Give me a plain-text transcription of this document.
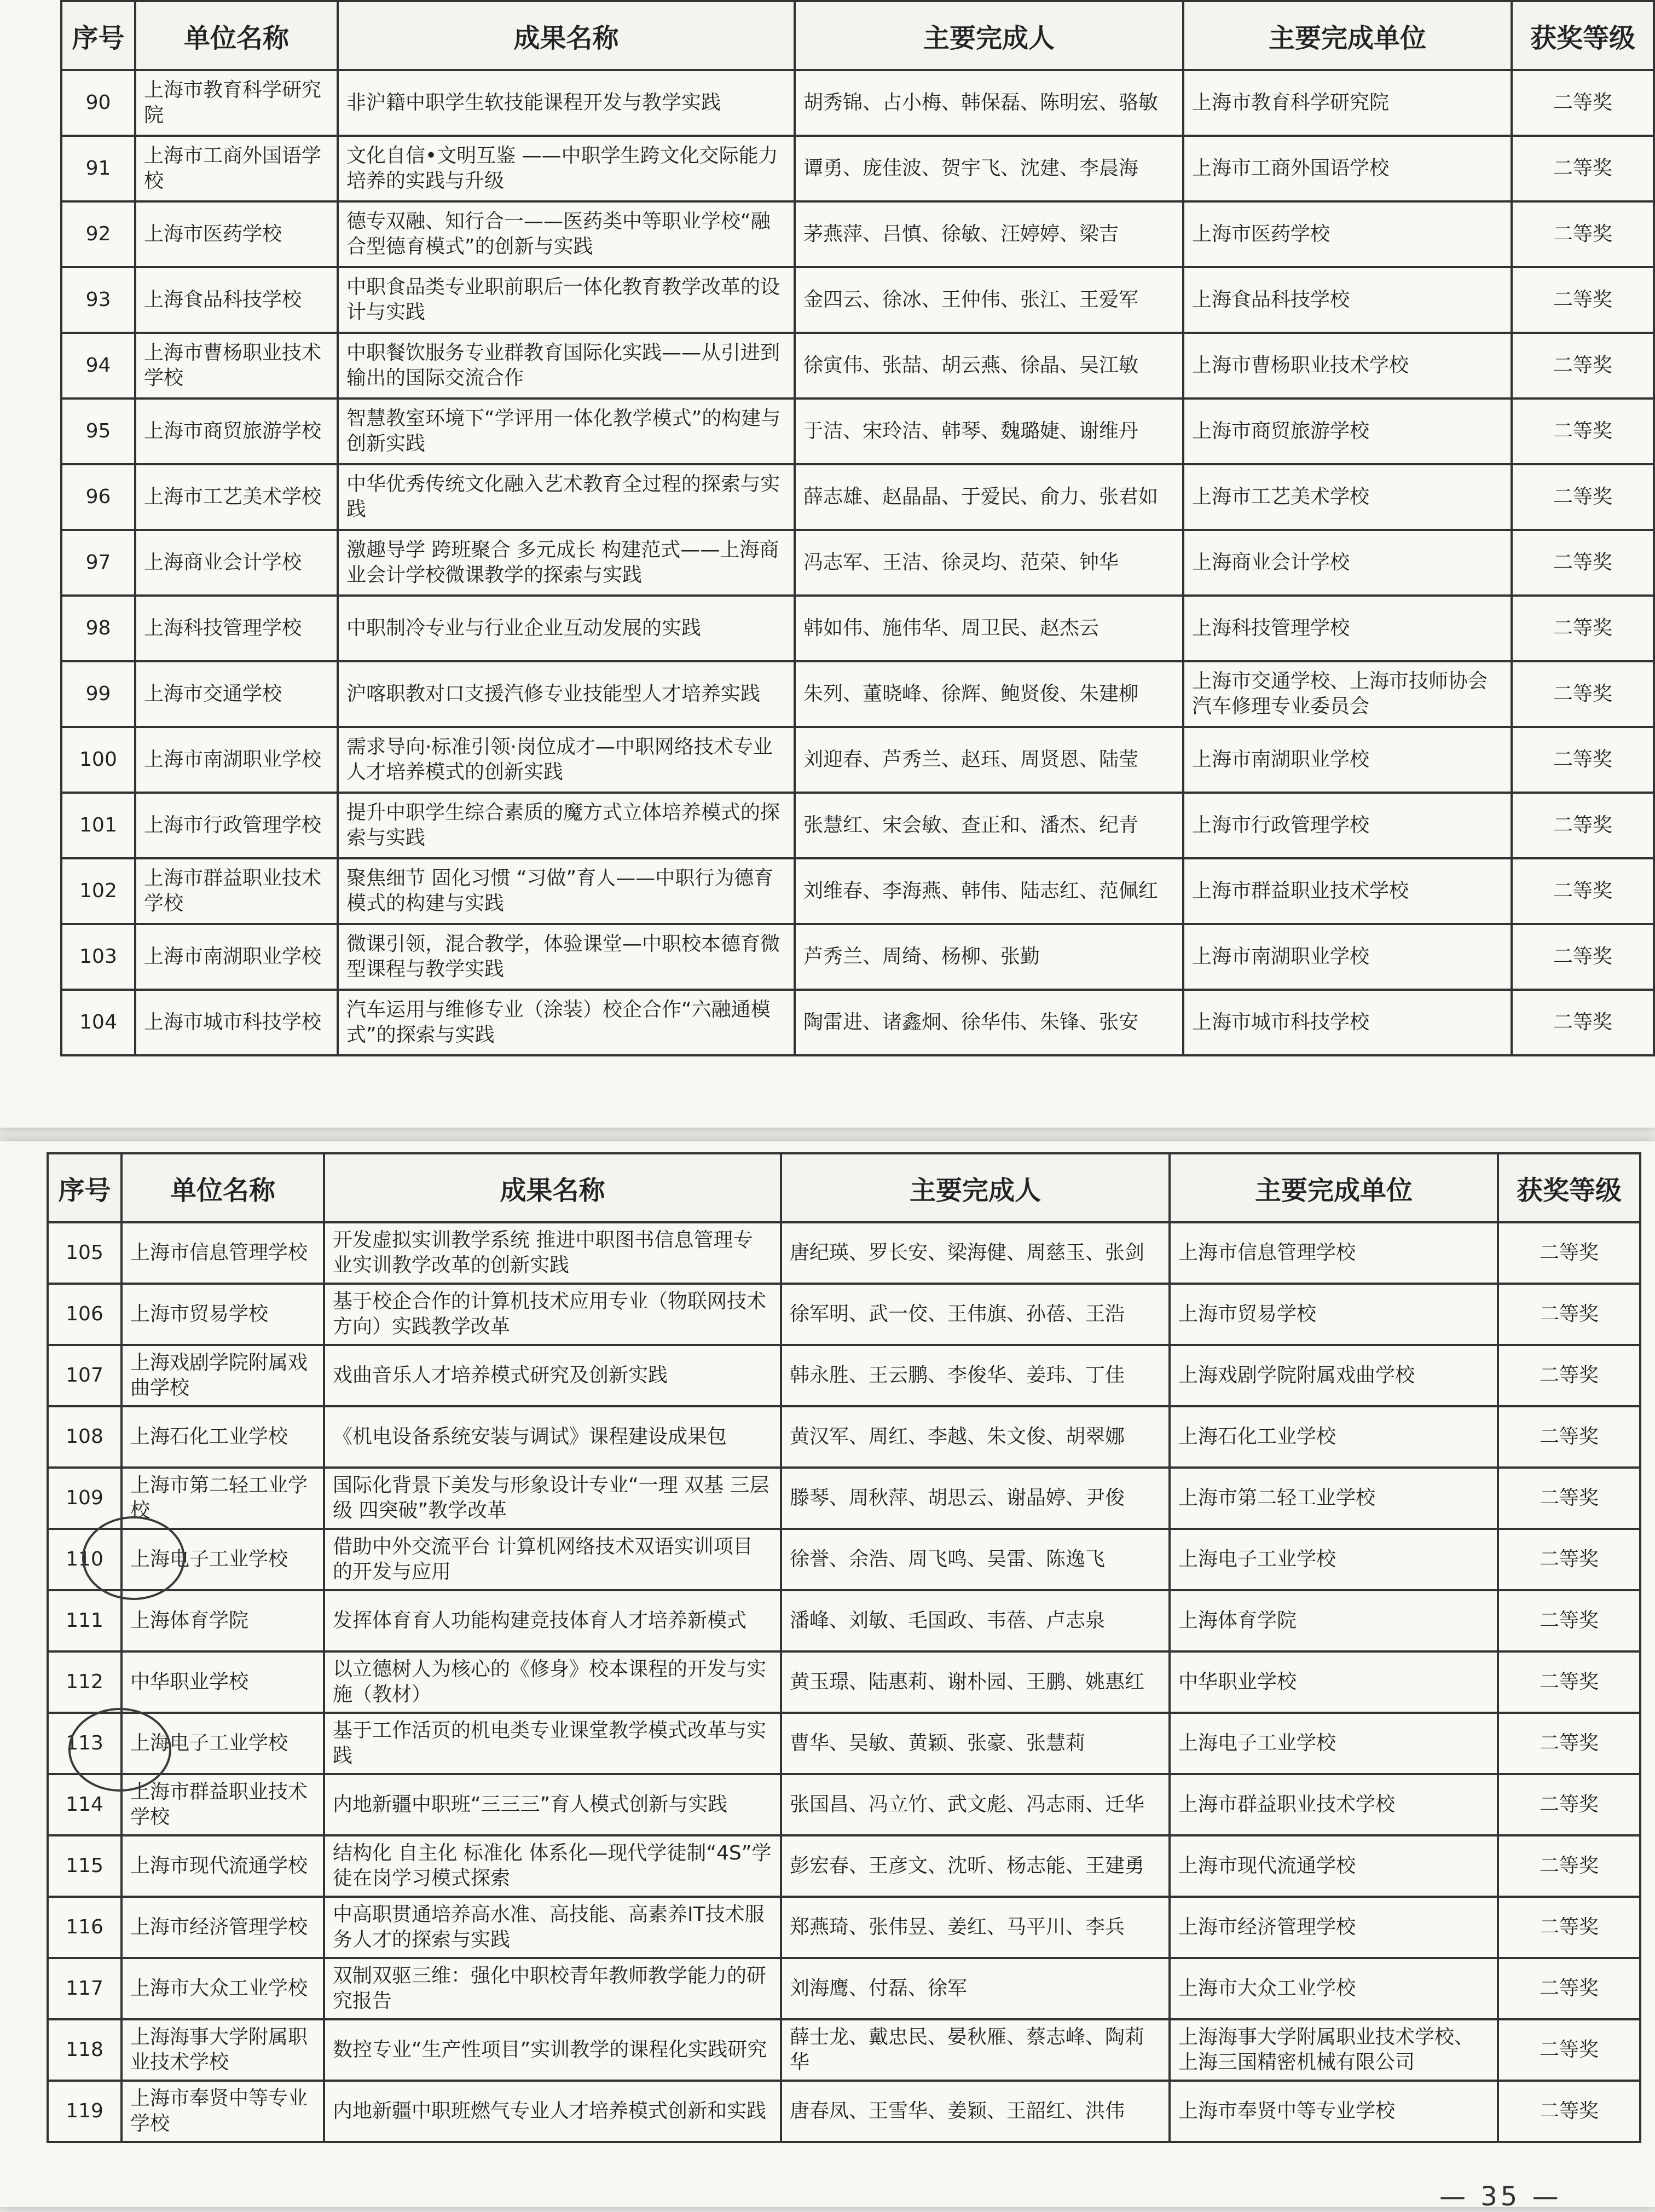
序号	单位名称	成果名称	主要完成人	主要完成单位	获奖等级
90	上海市教育科学研究院	非沪籍中职学生软技能课程开发与教学实践	胡秀锦、占小梅、韩保磊、陈明宏、骆敏	上海市教育科学研究院	二等奖
91	上海市工商外国语学校	文化自信•文明互鉴 ——中职学生跨文化交际能力培养的实践与升级	谭勇、庞佳波、贺宇飞、沈建、李晨海	上海市工商外国语学校	二等奖
92	上海市医药学校	德专双融、知行合一——医药类中等职业学校“融合型德育模式”的创新与实践	茅燕萍、吕慎、徐敏、汪婷婷、梁吉	上海市医药学校	二等奖
93	上海食品科技学校	中职食品类专业职前职后一体化教育教学改革的设计与实践	金四云、徐冰、王仲伟、张江、王爱军	上海食品科技学校	二等奖
94	上海市曹杨职业技术学校	中职餐饮服务专业群教育国际化实践——从引进到输出的国际交流合作	徐寅伟、张喆、胡云燕、徐晶、吴江敏	上海市曹杨职业技术学校	二等奖
95	上海市商贸旅游学校	智慧教室环境下“学评用一体化教学模式”的构建与创新实践	于洁、宋玲洁、韩琴、魏璐婕、谢维丹	上海市商贸旅游学校	二等奖
96	上海市工艺美术学校	中华优秀传统文化融入艺术教育全过程的探索与实践	薛志雄、赵晶晶、于爱民、俞力、张君如	上海市工艺美术学校	二等奖
97	上海商业会计学校	激趣导学 跨班聚合 多元成长 构建范式——上海商业会计学校微课教学的探索与实践	冯志军、王洁、徐灵均、范荣、钟华	上海商业会计学校	二等奖
98	上海科技管理学校	中职制冷专业与行业企业互动发展的实践	韩如伟、施伟华、周卫民、赵杰云	上海科技管理学校	二等奖
99	上海市交通学校	沪喀职教对口支援汽修专业技能型人才培养实践	朱列、董晓峰、徐辉、鲍贤俊、朱建柳	上海市交通学校、上海市技师协会汽车修理专业委员会	二等奖
100	上海市南湖职业学校	需求导向·标准引领·岗位成才—中职网络技术专业人才培养模式的创新实践	刘迎春、芦秀兰、赵珏、周贤恩、陆莹	上海市南湖职业学校	二等奖
101	上海市行政管理学校	提升中职学生综合素质的魔方式立体培养模式的探索与实践	张慧红、宋会敏、查正和、潘杰、纪青	上海市行政管理学校	二等奖
102	上海市群益职业技术学校	聚焦细节 固化习惯 “习做”育人——中职行为德育模式的构建与实践	刘维春、李海燕、韩伟、陆志红、范佩红	上海市群益职业技术学校	二等奖
103	上海市南湖职业学校	微课引领，混合教学，体验课堂—中职校本德育微型课程与教学实践	芦秀兰、周绮、杨柳、张勤	上海市南湖职业学校	二等奖
104	上海市城市科技学校	汽车运用与维修专业（涂装）校企合作“六融通模式”的探索与实践	陶雷进、诸鑫炯、徐华伟、朱锋、张安	上海市城市科技学校	二等奖
序号	单位名称	成果名称	主要完成人	主要完成单位	获奖等级
105	上海市信息管理学校	开发虚拟实训教学系统 推进中职图书信息管理专业实训教学改革的创新实践	唐纪瑛、罗长安、梁海健、周慈玉、张剑	上海市信息管理学校	二等奖
106	上海市贸易学校	基于校企合作的计算机技术应用专业（物联网技术方向）实践教学改革	徐军明、武一佼、王伟旗、孙蓓、王浩	上海市贸易学校	二等奖
107	上海戏剧学院附属戏曲学校	戏曲音乐人才培养模式研究及创新实践	韩永胜、王云鹏、李俊华、姜玮、丁佳	上海戏剧学院附属戏曲学校	二等奖
108	上海石化工业学校	《机电设备系统安装与调试》课程建设成果包	黄汉军、周红、李越、朱文俊、胡翠娜	上海石化工业学校	二等奖
109	上海市第二轻工业学校	国际化背景下美发与形象设计专业“一理 双基 三层级 四突破”教学改革	滕琴、周秋萍、胡思云、谢晶婷、尹俊	上海市第二轻工业学校	二等奖
110	上海电子工业学校	借助中外交流平台 计算机网络技术双语实训项目的开发与应用	徐誉、余浩、周飞鸣、吴雷、陈逸飞	上海电子工业学校	二等奖
111	上海体育学院	发挥体育育人功能构建竞技体育人才培养新模式	潘峰、刘敏、毛国政、韦蓓、卢志泉	上海体育学院	二等奖
112	中华职业学校	以立德树人为核心的《修身》校本课程的开发与实施（教材）	黄玉璟、陆惠莉、谢朴园、王鹏、姚惠红	中华职业学校	二等奖
113	上海电子工业学校	基于工作活页的机电类专业课堂教学模式改革与实践	曹华、吴敏、黄颖、张豪、张慧莉	上海电子工业学校	二等奖
114	上海市群益职业技术学校	内地新疆中职班“三三三”育人模式创新与实践	张国昌、冯立竹、武文彪、冯志雨、迁华	上海市群益职业技术学校	二等奖
115	上海市现代流通学校	结构化 自主化 标准化 体系化—现代学徒制“4S”学徒在岗学习模式探索	彭宏春、王彦文、沈昕、杨志能、王建勇	上海市现代流通学校	二等奖
116	上海市经济管理学校	中高职贯通培养高水准、高技能、高素养IT技术服务人才的探索与实践	郑燕琦、张伟昱、姜红、马平川、李兵	上海市经济管理学校	二等奖
117	上海市大众工业学校	双制双驱三维：强化中职校青年教师教学能力的研究报告	刘海鹰、付磊、徐军	上海市大众工业学校	二等奖
118	上海海事大学附属职业技术学校	数控专业“生产性项目”实训教学的课程化实践研究	薛士龙、戴忠民、晏秋雁、蔡志峰、陶莉华	上海海事大学附属职业技术学校、上海三国精密机械有限公司	二等奖
119	上海市奉贤中等专业学校	内地新疆中职班燃气专业人才培养模式创新和实践	唐春凤、王雪华、姜颖、王韶红、洪伟	上海市奉贤中等专业学校	二等奖
— 35 —
